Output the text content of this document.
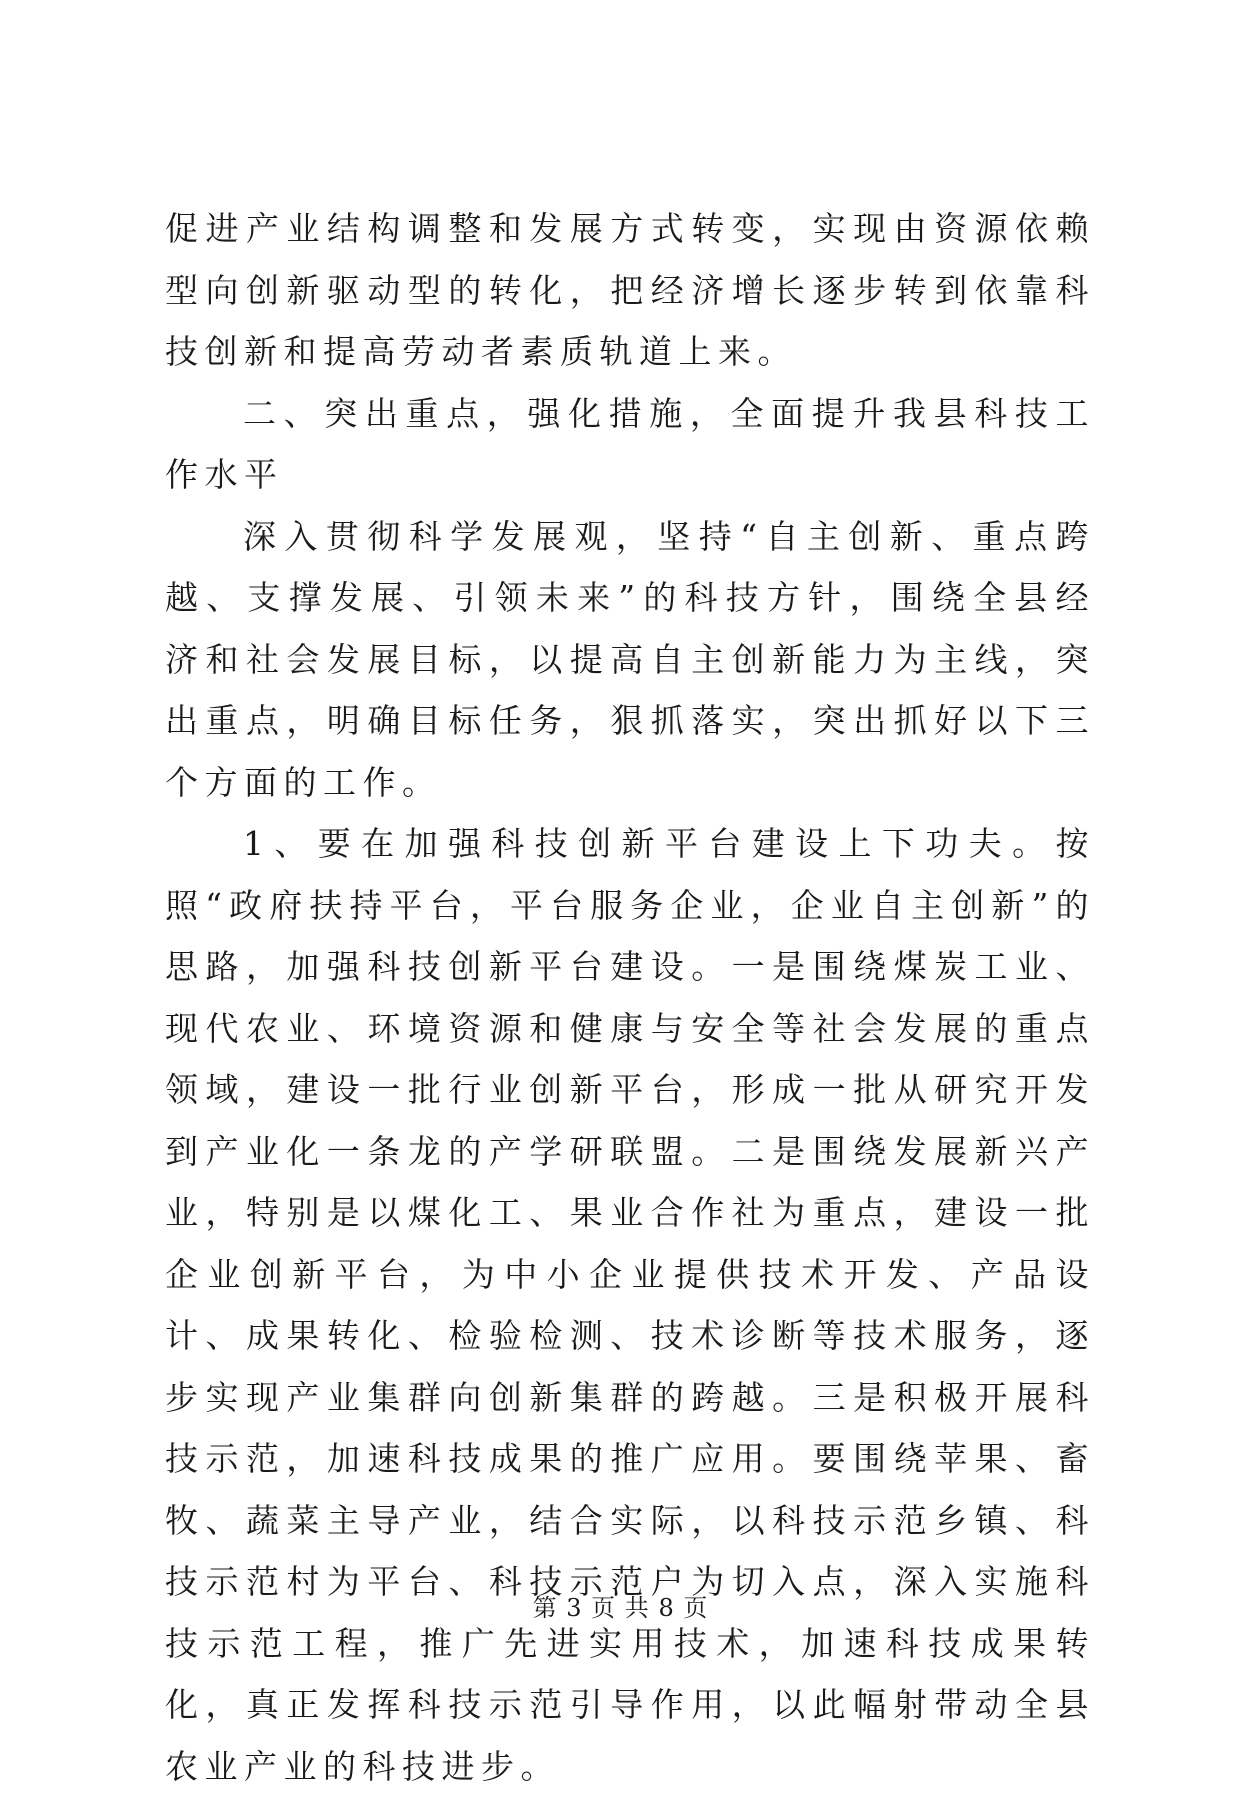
促进产业结构调整和发展方式转变，实现由资源依赖型向创新驱动型的转化，把经济增长逐步转到依靠科技创新和提高劳动者素质轨道上来。

二、突出重点，强化措施，全面提升我县科技工作水平

深入贯彻科学发展观，坚持“自主创新、重点跨越、支撑发展、引领未来”的科技方针，围绕全县经济和社会发展目标，以提高自主创新能力为主线，突出重点，明确目标任务，狠抓落实，突出抓好以下三个方面的工作。

1、要在加强科技创新平台建设上下功夫。按照“政府扶持平台，平台服务企业，企业自主创新”的思路，加强科技创新平台建设。一是围绕煤炭工业、现代农业、环境资源和健康与安全等社会发展的重点领域，建设一批行业创新平台，形成一批从研究开发到产业化一条龙的产学研联盟。二是围绕发展新兴产业，特别是以煤化工、果业合作社为重点，建设一批企业创新平台，为中小企业提供技术开发、产品设计、成果转化、检验检测、技术诊断等技术服务，逐步实现产业集群向创新集群的跨越。三是积极开展科技示范，加速科技成果的推广应用。要围绕苹果、畜牧、蔬菜主导产业，结合实际，以科技示范乡镇、科技示范村为平台、科技示范户为切入点，深入实施科技示范工程，推广先进实用技术，加速科技成果转化，真正发挥科技示范引导作用，以此幅射带动全县农业产业的科技进步。

第 3 页 共 8 页
